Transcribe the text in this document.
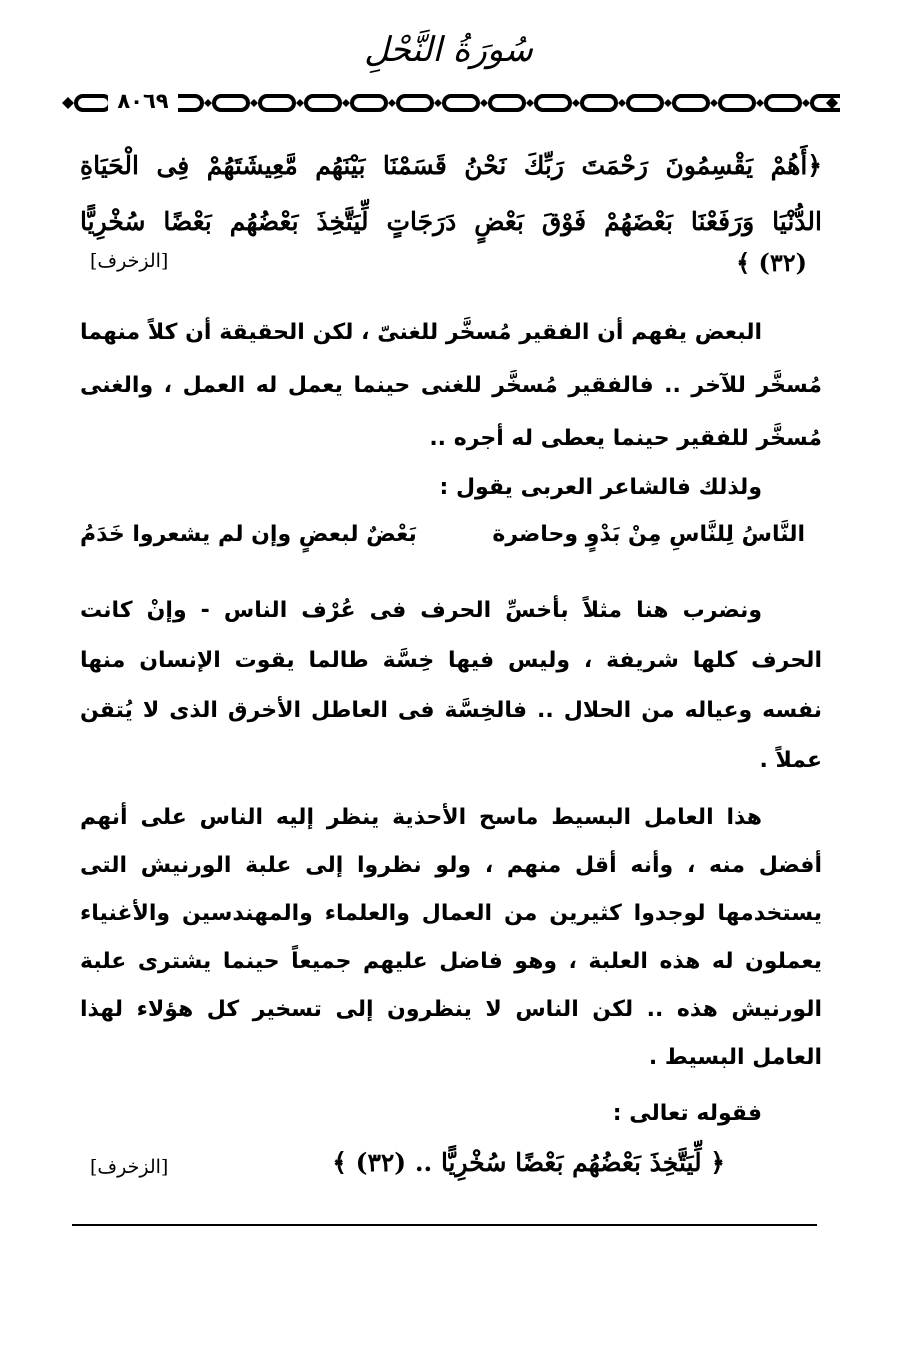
سُورَةُ النَّحْلِ
٨٠٦٩
﴿أَهُمْ يَقْسِمُونَ رَحْمَتَ رَبِّكَ نَحْنُ قَسَمْنَا بَيْنَهُم مَّعِيشَتَهُمْ فِى الْحَيَاةِ
الدُّنْيَا وَرَفَعْنَا بَعْضَهُمْ فَوْقَ بَعْضٍ دَرَجَاتٍ لِّيَتَّخِذَ بَعْضُهُم بَعْضًا سُخْرِيًّا
﴾ (٣٢)
[الزخرف]
البعض يفهم أن الفقير مُسخَّر للغنىّ ، لكن الحقيقة أن كلاً منهما
مُسخَّر للآخر .. فالفقير مُسخَّر للغنى حينما يعمل له العمل ، والغنى
مُسخَّر للفقير حينما يعطى له أجره ..
ولذلك فالشاعر العربى يقول :
النَّاسُ لِلنَّاسِ مِنْ بَدْوٍ وحاضرة
بَعْضٌ لبعضٍ وإن لم يشعروا خَدَمُ
ونضرب هنا مثلاً بأخسِّ الحرف فى عُرْف الناس - وإنْ كانت
الحرف كلها شريفة ، وليس فيها خِسَّة طالما يقوت الإنسان منها
نفسه وعياله من الحلال .. فالخِسَّة فى العاطل الأخرق الذى لا يُتقن
عملاً .
هذا العامل البسيط ماسح الأحذية ينظر إليه الناس على أنهم
أفضل منه ، وأنه أقل منهم ، ولو نظروا إلى علبة الورنيش التى
يستخدمها لوجدوا كثيرين من العمال والعلماء والمهندسين والأغنياء
يعملون له هذه العلبة ، وهو فاضل عليهم جميعاً حينما يشترى علبة
الورنيش هذه .. لكن الناس لا ينظرون إلى تسخير كل هؤلاء لهذا
العامل البسيط .
فقوله تعالى :
﴿ لِّيَتَّخِذَ بَعْضُهُم بَعْضًا سُخْرِيًّا .. (٣٢) ﴾
[الزخرف]
